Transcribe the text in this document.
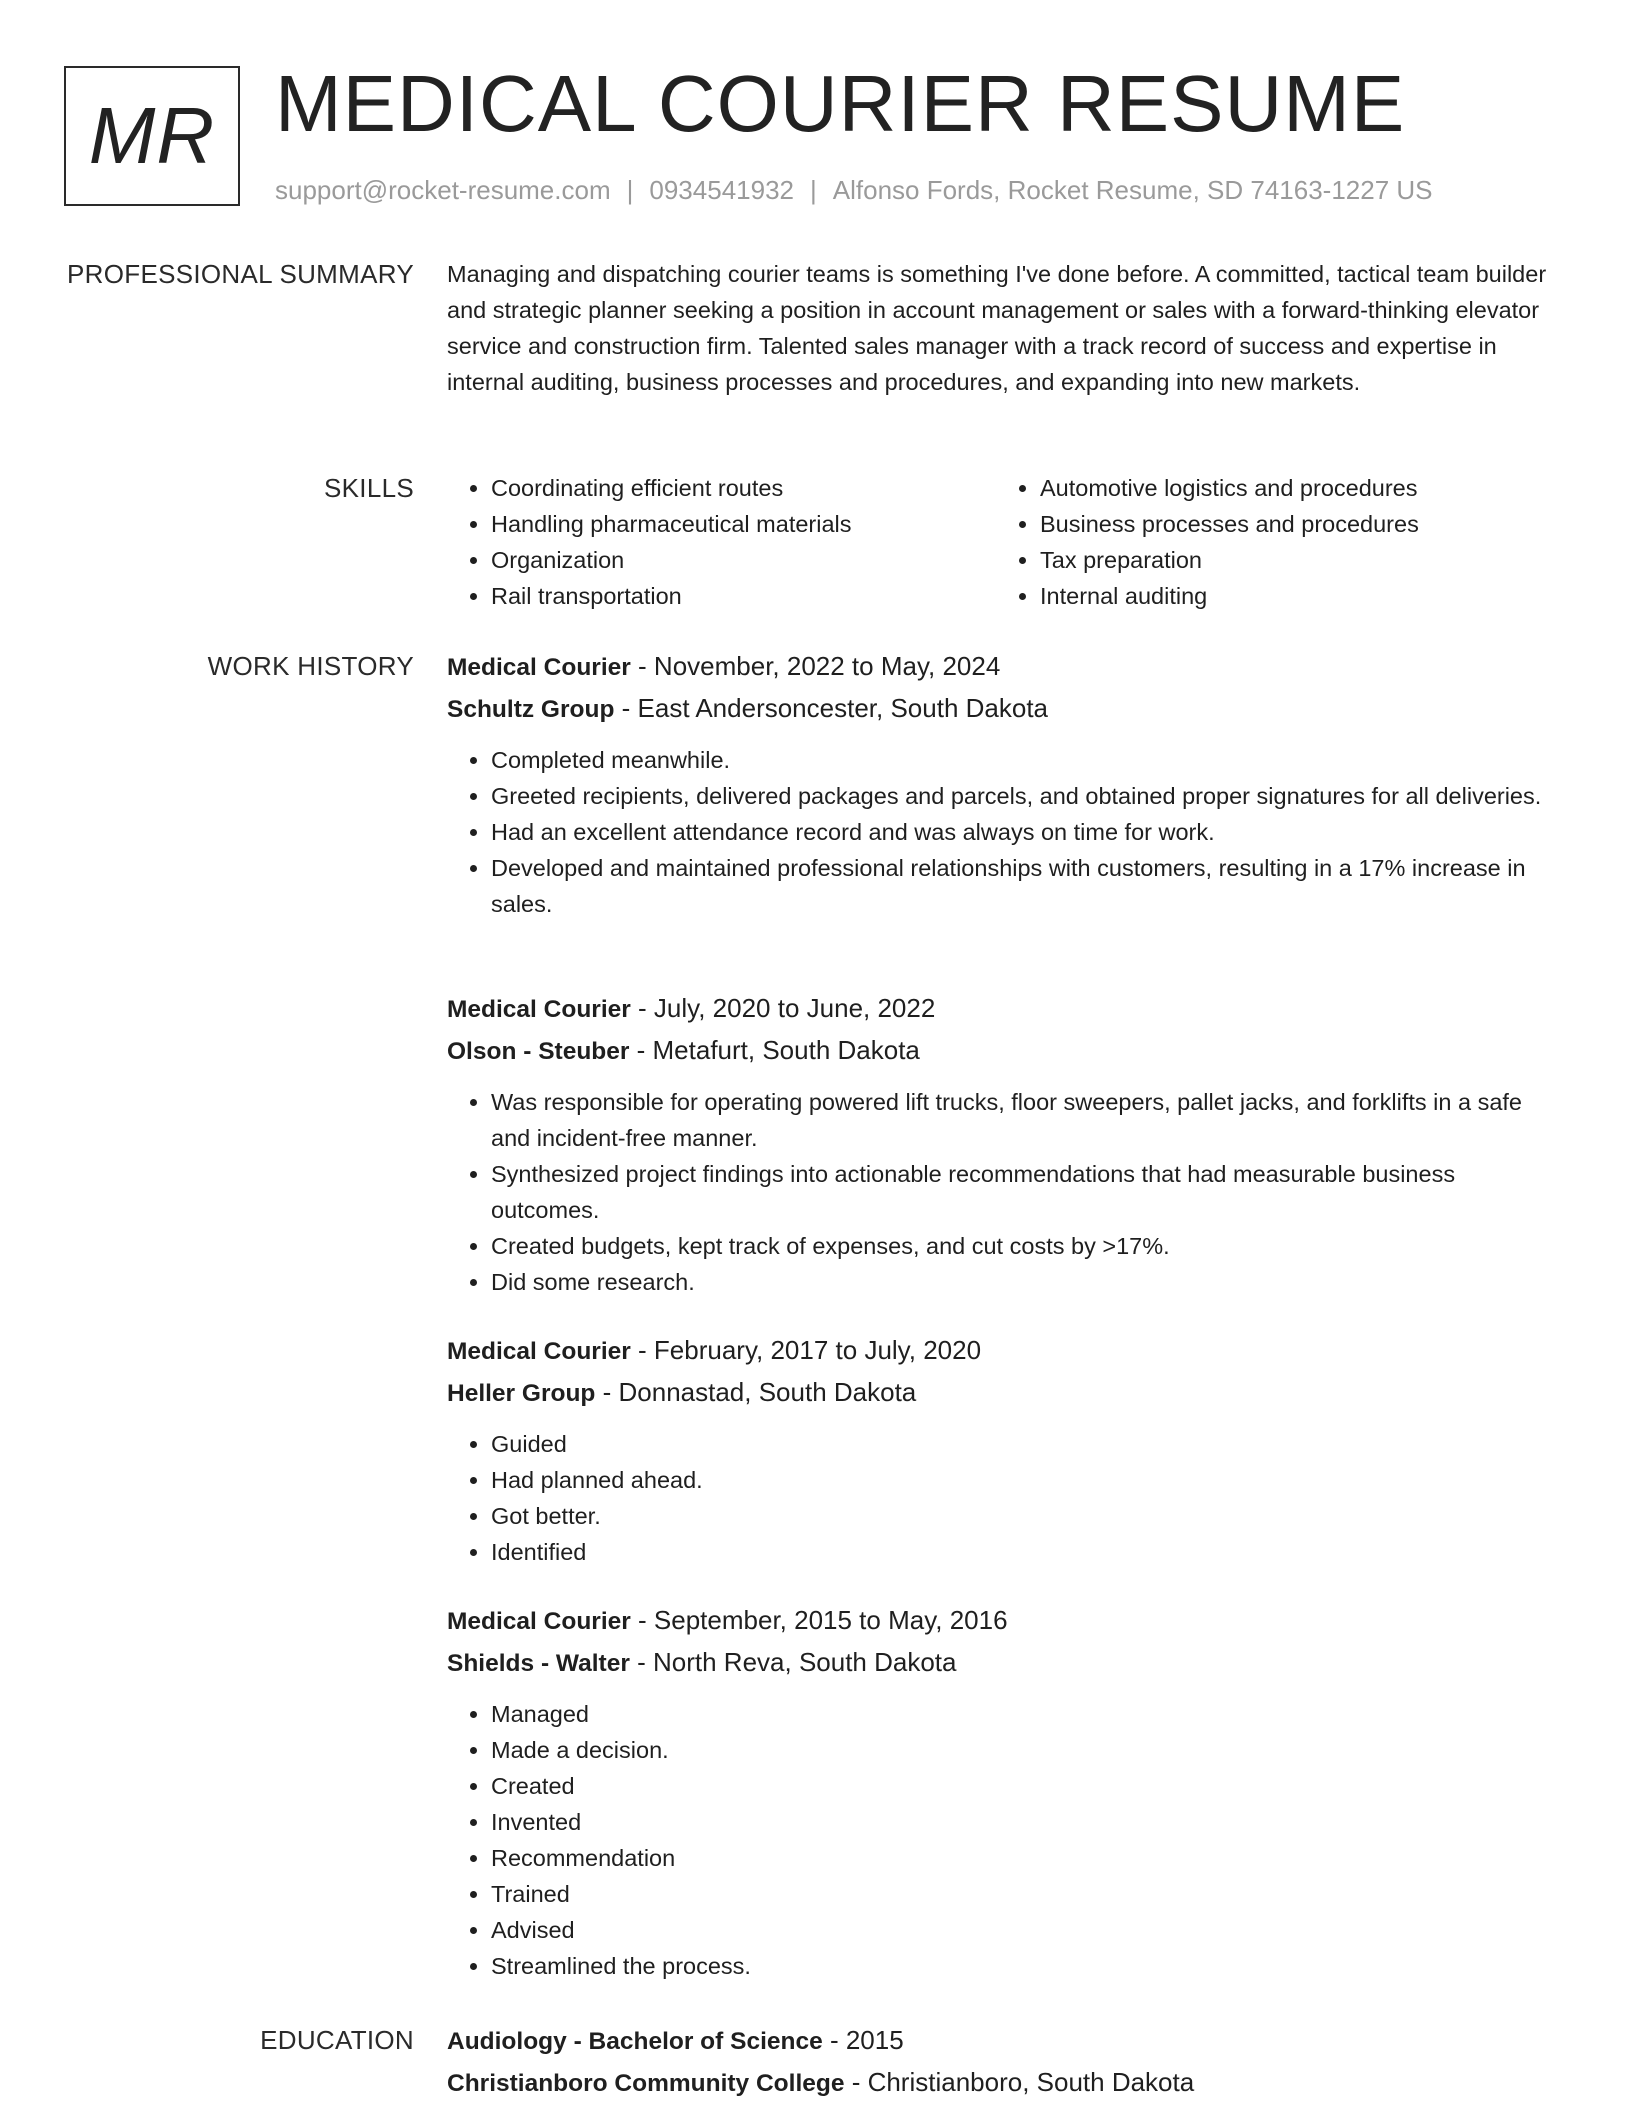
MR MEDICAL COURIER RESUME
support@rocket-resume.com | 0934541932 | Alfonso Fords, Rocket Resume, SD 74163-1227 US
PROFESSIONAL SUMMARY Managing and dispatching courier teams is something I've done before. A committed, tactical team builder and strategic planner seeking a position in account management or sales with a forward-thinking elevator service and construction firm. Talented sales manager with a track record of success and expertise in internal auditing, business processes and procedures, and expanding into new markets.

SKILLS
•	Coordinating efficient routes
• Handling pharmaceutical materials
• Organization
• Rail transportation
• Automotive logistics and procedures
• Business processes and procedures
• Tax preparation
• Internal auditing
WORK HISTORY Medical Courier - November, 2022 to May, 2024

Schultz Group - East Andersoncester, South Dakota

• Completed meanwhile.
• Greeted recipients, delivered packages and parcels, and obtained proper signatures for all deliveries.
• Had an excellent attendance record and was always on time for work.
• Developed and maintained professional relationships with customers, resulting in a 17% increase in sales.

Medical Courier - July, 2020 to June, 2022

Olson - Steuber - Metafurt, South Dakota

• Was responsible for operating powered lift trucks, floor sweepers, pallet jacks, and forklifts in a safe and incident-free manner.
• Synthesized project findings into actionable recommendations that had measurable business outcomes.
• Created budgets, kept track of expenses, and cut costs by >17%.
• Did some research.

Medical Courier - February, 2017 to July, 2020

Heller Group - Donnastad, South Dakota

• Guided
• Had planned ahead.
• Got better.
• Identified

Medical Courier - September, 2015 to May, 2016

Shields - Walter - North Reva, South Dakota

• Managed
• Made a decision.
• Created
• Invented
• Recommendation
• Trained
• Advised
• Streamlined the process.
EDUCATION Audiology - Bachelor of Science - 2015

Christianboro Community College - Christianboro, South Dakota
